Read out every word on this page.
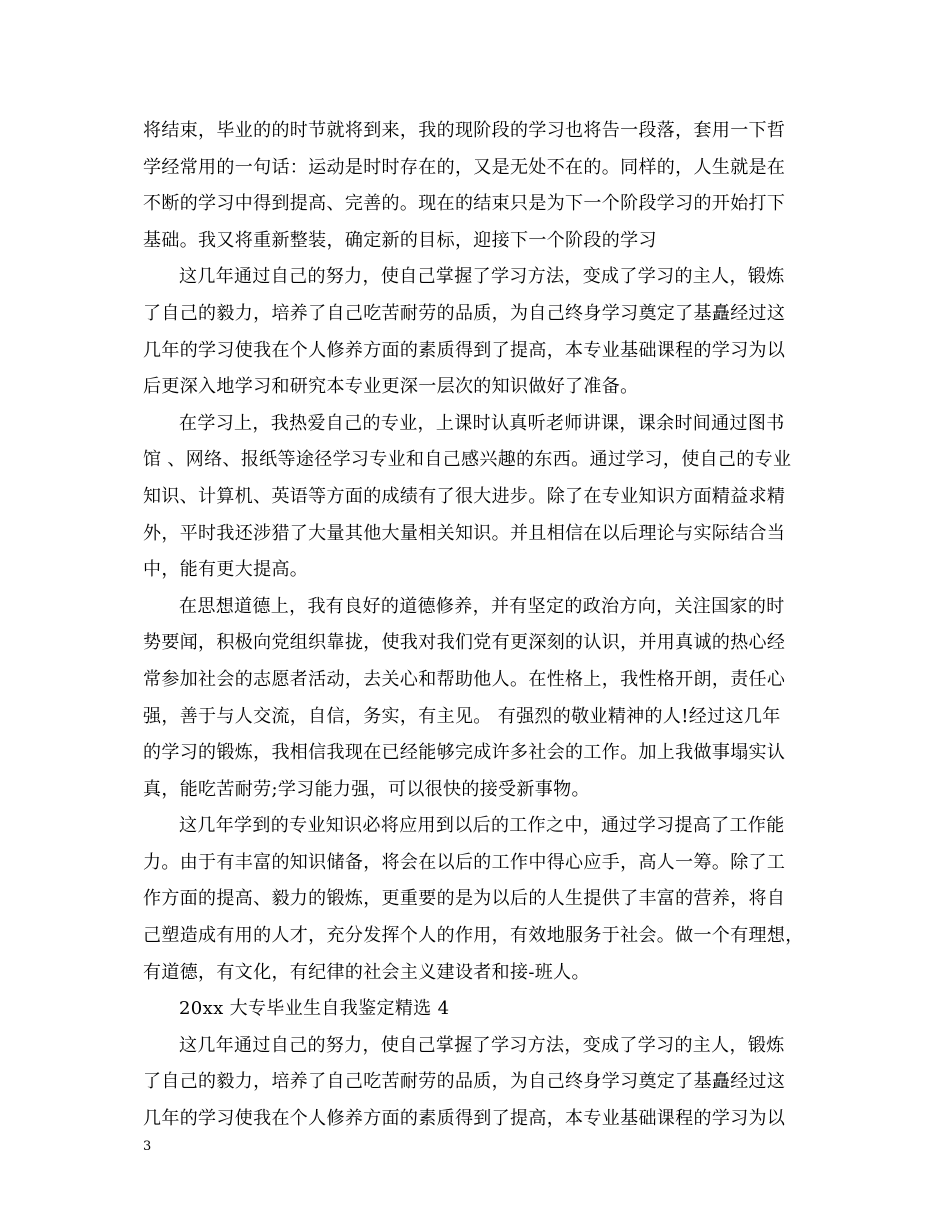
将结束，毕业的的时节就将到来，我的现阶段的学习也将告一段落，套用一下哲
学经常用的一句话：运动是时时存在的，又是无处不在的。同样的，人生就是在
不断的学习中得到提高、完善的。现在的结束只是为下一个阶段学习的开始打下
基础。我又将重新整装，确定新的目标，迎接下一个阶段的学习
这几年通过自己的努力，使自己掌握了学习方法，变成了学习的主人，锻炼
了自己的毅力，培养了自己吃苦耐劳的品质，为自己终身学习奠定了基矗经过这
几年的学习使我在个人修养方面的素质得到了提高，本专业基础课程的学习为以
后更深入地学习和研究本专业更深一层次的知识做好了准备。
在学习上，我热爱自己的专业，上课时认真听老师讲课，课余时间通过图书
馆 、网络、报纸等途径学习专业和自己感兴趣的东西。通过学习，使自己的专业
知识、计算机、英语等方面的成绩有了很大进步。除了在专业知识方面精益求精
外，平时我还涉猎了大量其他大量相关知识。并且相信在以后理论与实际结合当
中，能有更大提高。
在思想道德上，我有良好的道德修养，并有坚定的政治方向，关注国家的时
势要闻，积极向党组织靠拢，使我对我们党有更深刻的认识，并用真诚的热心经
常参加社会的志愿者活动，去关心和帮助他人。在性格上，我性格开朗，责任心
强，善于与人交流，自信，务实，有主见。 有强烈的敬业精神的人!经过这几年
的学习的锻炼，我相信我现在已经能够完成许多社会的工作。加上我做事塌实认
真，能吃苦耐劳;学习能力强，可以很快的接受新事物。
这几年学到的专业知识必将应用到以后的工作之中，通过学习提高了工作能
力。由于有丰富的知识储备，将会在以后的工作中得心应手，高人一筹。除了工
作方面的提高、毅力的锻炼，更重要的是为以后的人生提供了丰富的营养，将自
己塑造成有用的人才，充分发挥个人的作用，有效地服务于社会。做一个有理想，
有道德，有文化，有纪律的社会主义建设者和接-班人。
20xx 大专毕业生自我鉴定精选 4
这几年通过自己的努力，使自己掌握了学习方法，变成了学习的主人，锻炼
了自己的毅力，培养了自己吃苦耐劳的品质，为自己终身学习奠定了基矗经过这
几年的学习使我在个人修养方面的素质得到了提高，本专业基础课程的学习为以
3
